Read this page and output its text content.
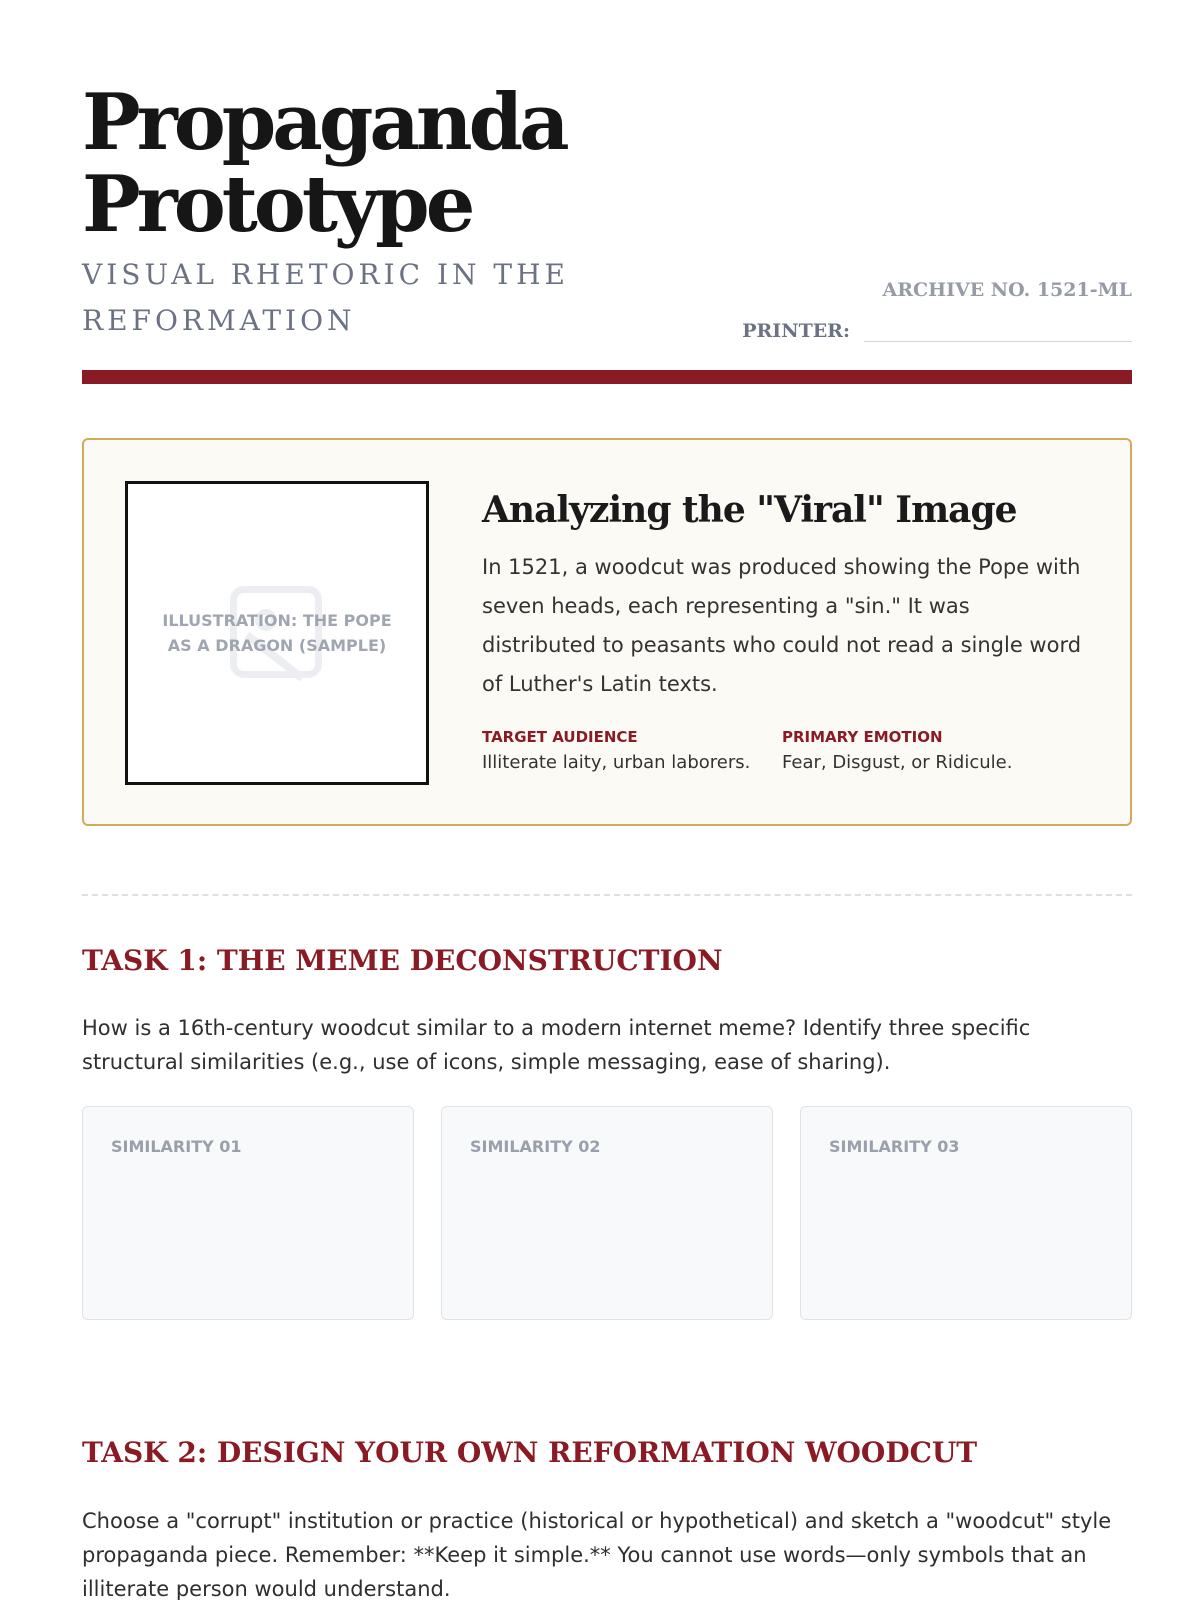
Propaganda
Prototype
VISUAL RHETORIC IN THE REFORMATION
ARCHIVE NO. 1521-ML
PRINTER:
ILLUSTRATION: THE POPE AS A DRAGON (SAMPLE)
Analyzing the "Viral" Image

In 1521, a woodcut was produced showing the Pope with seven heads, each representing a "sin." It was distributed to peasants who could not read a single word of Luther's Latin texts.

TARGET AUDIENCE
Illiterate laity, urban laborers.
PRIMARY EMOTION
Fear, Disgust, or Ridicule.
TASK 1: THE MEME DECONSTRUCTION

How is a 16th-century woodcut similar to a modern internet meme? Identify three specific structural similarities (e.g., use of icons, simple messaging, ease of sharing).

SIMILARITY 01	SIMILARITY 02	SIMILARITY 03
TASK 2: DESIGN YOUR OWN REFORMATION WOODCUT

Choose a "corrupt" institution or practice (historical or hypothetical) and sketch a "woodcut" style propaganda piece. Remember: **Keep it simple.** You cannot use words—only symbols that an illiterate person would understand.
